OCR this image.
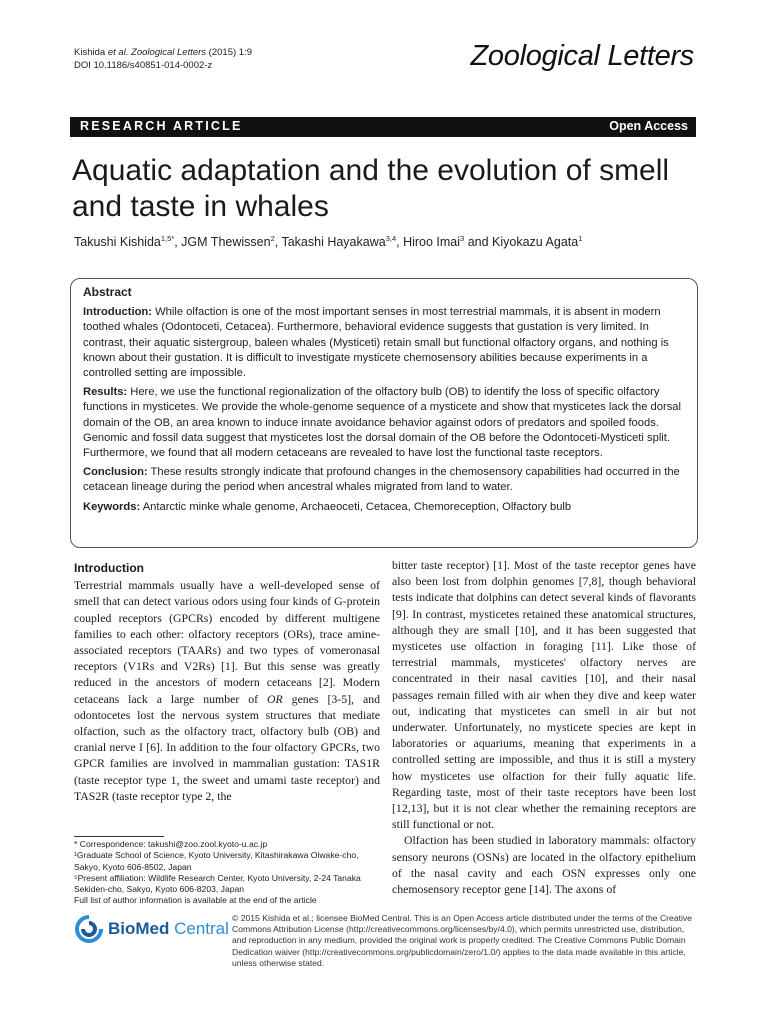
Kishida et al. Zoological Letters (2015) 1:9
DOI 10.1186/s40851-014-0002-z	Zoological Letters
RESEARCH ARTICLE	Open Access
Aquatic adaptation and the evolution of smell and taste in whales
Takushi Kishida$^{1,5*}$, JGM Thewissen$^2$, Takashi Hayakawa$^{3,4}$, Hiroo Imai$^3$ and Kiyokazu Agata$^1$
Abstract

Introduction: While olfaction is one of the most important senses in most terrestrial mammals, it is absent in modern toothed whales (Odontoceti, Cetacea). Furthermore, behavioral evidence suggests that gustation is very limited. In contrast, their aquatic sistergroup, baleen whales (Mysticeti) retain small but functional olfactory organs, and nothing is known about their gustation. It is difficult to investigate mysticete chemosensory abilities because experiments in a controlled setting are impossible.

Results: Here, we use the functional regionalization of the olfactory bulb (OB) to identify the loss of specific olfactory functions in mysticetes. We provide the whole-genome sequence of a mysticete and show that mysticetes lack the dorsal domain of the OB, an area known to induce innate avoidance behavior against odors of predators and spoiled foods. Genomic and fossil data suggest that mysticetes lost the dorsal domain of the OB before the Odontoceti-Mysticeti split. Furthermore, we found that all modern cetaceans are revealed to have lost the functional taste receptors.

Conclusion: These results strongly indicate that profound changes in the chemosensory capabilities had occurred in the cetacean lineage during the period when ancestral whales migrated from land to water.

Keywords: Antarctic minke whale genome, Archaeoceti, Cetacea, Chemoreception, Olfactory bulb

Introduction

Terrestrial mammals usually have a well-developed sense of smell that can detect various odors using four kinds of G-protein coupled receptors (GPCRs) encoded by different multigene families to each other: olfactory receptors (ORs), trace amine-associated receptors (TAARs) and two types of vomeronasal receptors (V1Rs and V2Rs) [1]. But this sense was greatly reduced in the ancestors of modern cetaceans [2]. Modern cetaceans lack a large number of OR genes [3-5], and odontocetes lost the nervous system structures that mediate olfaction, such as the olfactory tract, olfactory bulb (OB) and cranial nerve I [6]. In addition to the four olfactory GPCRs, two GPCR families are involved in mammalian gustation: TAS1R (taste receptor type 1, the sweet and umami taste receptor) and TAS2R (taste receptor type 2, the

bitter taste receptor) [1]. Most of the taste receptor genes have also been lost from dolphin genomes [7,8], though behavioral tests indicate that dolphins can detect several kinds of flavorants [9]. In contrast, mysticetes retained these anatomical structures, although they are small [10], and it has been suggested that mysticetes use olfaction in foraging [11]. Like those of terrestrial mammals, mysticetes' olfactory nerves are concentrated in their nasal cavities [10], and their nasal passages remain filled with air when they dive and keep water out, indicating that mysticetes can smell in air but not underwater. Unfortunately, no mysticete species are kept in laboratories or aquariums, meaning that experiments in a controlled setting are impossible, and thus it is still a mystery how mysticetes use olfaction for their fully aquatic life. Regarding taste, most of their taste receptors have been lost [12,13], but it is not clear whether the remaining receptors are still functional or not.

Olfaction has been studied in laboratory mammals: olfactory sensory neurons (OSNs) are located in the olfactory epithelium of the nasal cavity and each OSN expresses only one chemosensory receptor gene [14]. The axons of

* Correspondence: takushi@zoo.zool.kyoto-u.ac.jp

¹Graduate School of Science, Kyoto University, Kitashirakawa Oiwake-cho, Sakyo, Kyoto 606-8502, Japan

⁵Present affiliation: Wildlife Research Center, Kyoto University, 2-24 Tanaka Sekiden-cho, Sakyo, Kyoto 606-8203, Japan

Full list of author information is available at the end of the article

BioMed Central
© 2015 Kishida et al.; licensee BioMed Central. This is an Open Access article distributed under the terms of the Creative Commons Attribution License (http://creativecommons.org/licenses/by/4.0), which permits unrestricted use, distribution, and reproduction in any medium, provided the original work is properly credited. The Creative Commons Public Domain Dedication waiver (http://creativecommons.org/publicdomain/zero/1.0/) applies to the data made available in this article, unless otherwise stated.
